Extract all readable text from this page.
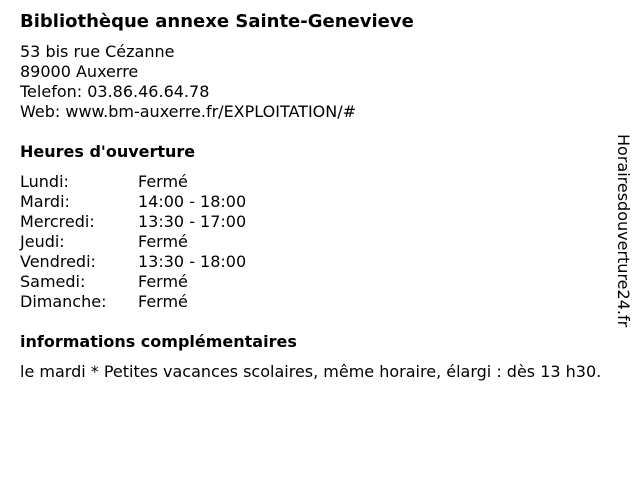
Bibliothèque annexe Sainte-Genevieve
53 bis rue Cézanne
89000 Auxerre
Telefon: 03.86.46.64.78
Web: www.bm-auxerre.fr/EXPLOITATION/#
Heures d'ouverture
Lundi:	Fermé
Mardi:	14:00 - 18:00
Mercredi:	13:30 - 17:00
Jeudi:	Fermé
Vendredi:	13:30 - 18:00
Samedi:	Fermé
Dimanche:	Fermé
informations complémentaires
le mardi * Petites vacances scolaires, même horaire, élargi : dès 13 h30.
Horairesdouverture24.fr
